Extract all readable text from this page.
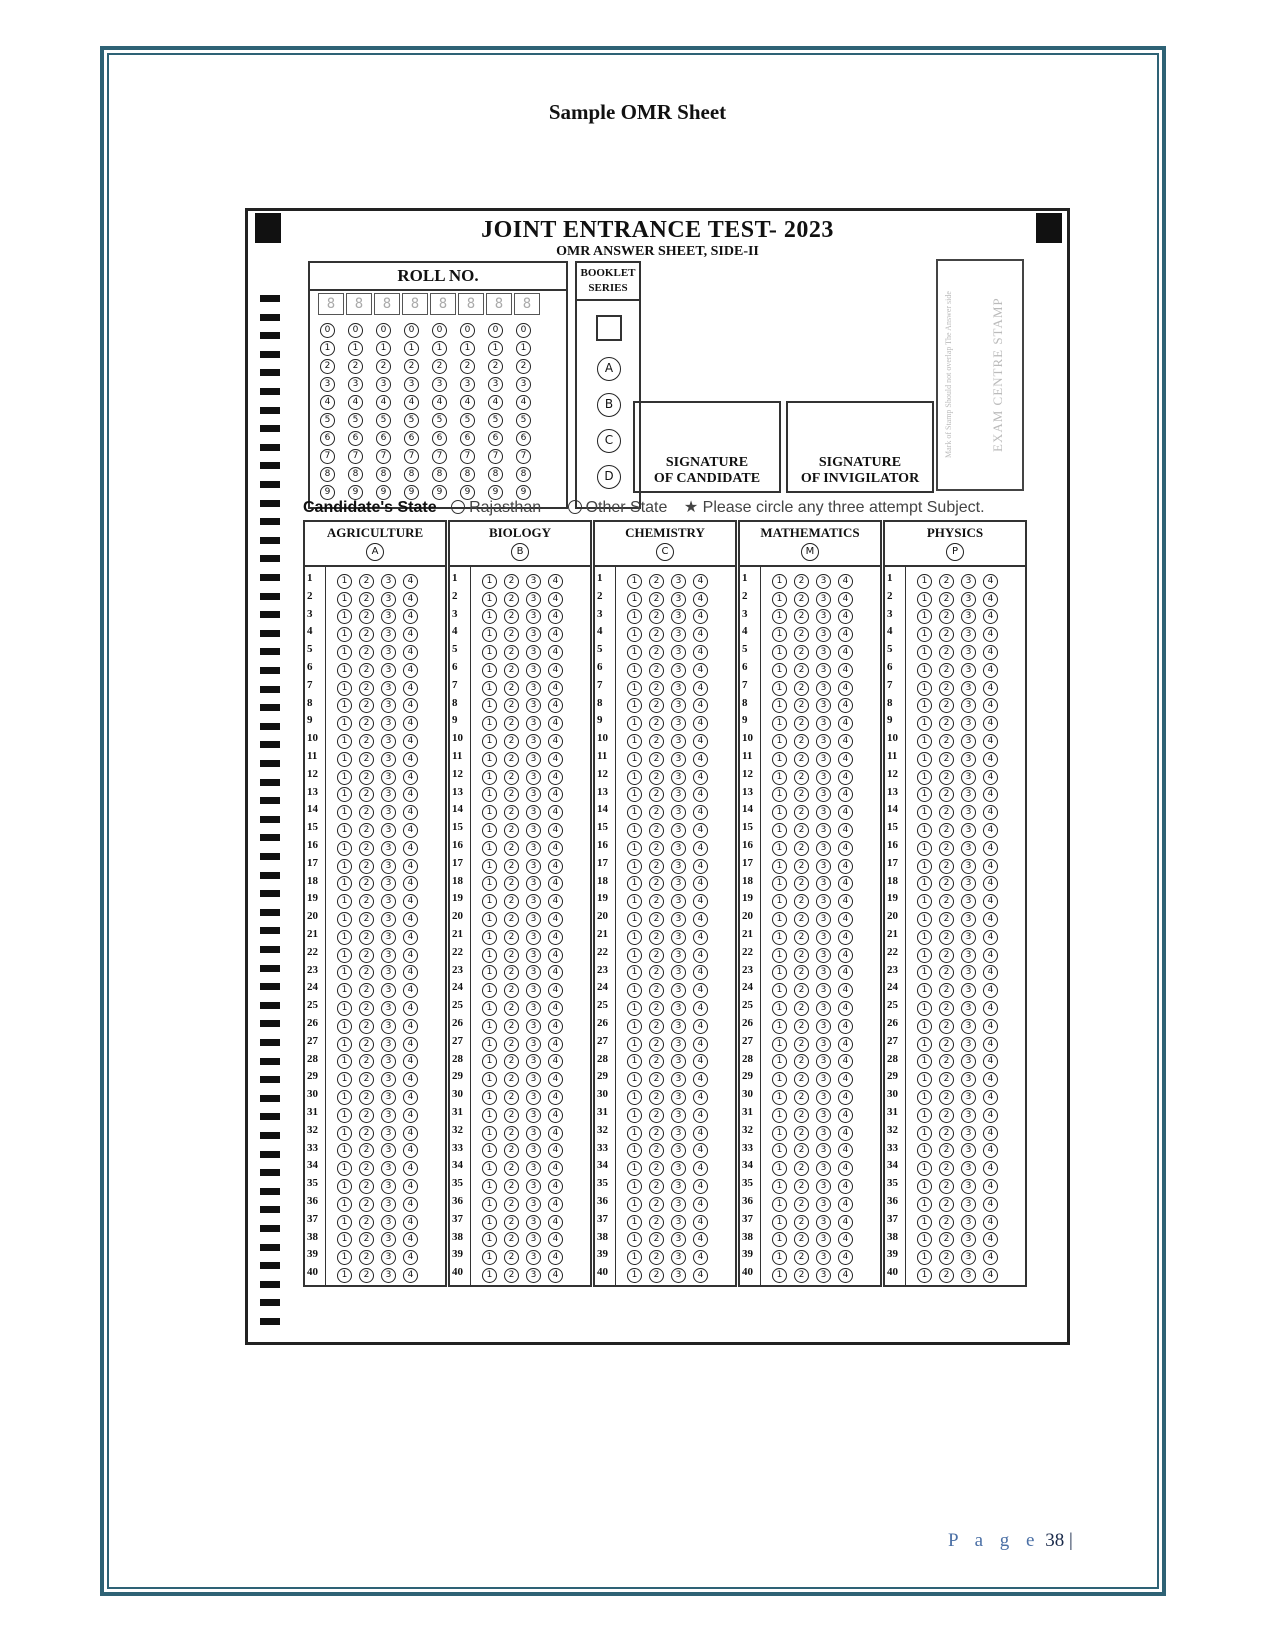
Sample OMR Sheet
JOINT ENTRANCE TEST- 2023
OMR ANSWER SHEET, SIDE-II
ROLL NO.
8	8	8	8	8	8	8	8
0 0 0 0 0 0 0 0
1 1 1 1 1 1 1 1
2 2 2 2 2 2 2 2
3 3 3 3 3 3 3 3
4 4 4 4 4 4 4 4
5 5 5 5 5 5 5 5
6 6 6 6 6 6 6 6
7 7 7 7 7 7 7 7
8 8 8 8 8 8 8 8
9 9 9 9 9 9 9 9
BOOKLET
SERIES
A
B
C
D
SIGNATURE
OF CANDIDATE
SIGNATURE
OF INVIGILATOR
Mark of Stamp Should not overlap The Answer side	EXAM CENTRE STAMP
Candidate's State Rajasthan	Other State ★ Please circle any three attempt Subject.
AGRICULTURE
A
1	1 2 3 4
2	1 2 3 4
3	1 2 3 4
4	1 2 3 4
5	1 2 3 4
6	1 2 3 4
7	1 2 3 4
8	1 2 3 4
9	1 2 3 4
10	1 2 3 4
11	1 2 3 4
12	1 2 3 4
13	1 2 3 4
14	1 2 3 4
15	1 2 3 4
16	1 2 3 4
17	1 2 3 4
18	1 2 3 4
19	1 2 3 4
20	1 2 3 4
21	1 2 3 4
22	1 2 3 4
23	1 2 3 4
24	1 2 3 4
25	1 2 3 4
26	1 2 3 4
27	1 2 3 4
28	1 2 3 4
29	1 2 3 4
30	1 2 3 4
31	1 2 3 4
32	1 2 3 4
33	1 2 3 4
34	1 2 3 4
35	1 2 3 4
36	1 2 3 4
37	1 2 3 4
38	1 2 3 4
39	1 2 3 4
40	1 2 3 4
BIOLOGY
B
1	1 2 3 4
2	1 2 3 4
3	1 2 3 4
4	1 2 3 4
5	1 2 3 4
6	1 2 3 4
7	1 2 3 4
8	1 2 3 4
9	1 2 3 4
10	1 2 3 4
11	1 2 3 4
12	1 2 3 4
13	1 2 3 4
14	1 2 3 4
15	1 2 3 4
16	1 2 3 4
17	1 2 3 4
18	1 2 3 4
19	1 2 3 4
20	1 2 3 4
21	1 2 3 4
22	1 2 3 4
23	1 2 3 4
24	1 2 3 4
25	1 2 3 4
26	1 2 3 4
27	1 2 3 4
28	1 2 3 4
29	1 2 3 4
30	1 2 3 4
31	1 2 3 4
32	1 2 3 4
33	1 2 3 4
34	1 2 3 4
35	1 2 3 4
36	1 2 3 4
37	1 2 3 4
38	1 2 3 4
39	1 2 3 4
40	1 2 3 4
CHEMISTRY
C
1	1 2 3 4
2	1 2 3 4
3	1 2 3 4
4	1 2 3 4
5	1 2 3 4
6	1 2 3 4
7	1 2 3 4
8	1 2 3 4
9	1 2 3 4
10	1 2 3 4
11	1 2 3 4
12	1 2 3 4
13	1 2 3 4
14	1 2 3 4
15	1 2 3 4
16	1 2 3 4
17	1 2 3 4
18	1 2 3 4
19	1 2 3 4
20	1 2 3 4
21	1 2 3 4
22	1 2 3 4
23	1 2 3 4
24	1 2 3 4
25	1 2 3 4
26	1 2 3 4
27	1 2 3 4
28	1 2 3 4
29	1 2 3 4
30	1 2 3 4
31	1 2 3 4
32	1 2 3 4
33	1 2 3 4
34	1 2 3 4
35	1 2 3 4
36	1 2 3 4
37	1 2 3 4
38	1 2 3 4
39	1 2 3 4
40	1 2 3 4
MATHEMATICS
M
1	1 2 3 4
2	1 2 3 4
3	1 2 3 4
4	1 2 3 4
5	1 2 3 4
6	1 2 3 4
7	1 2 3 4
8	1 2 3 4
9	1 2 3 4
10	1 2 3 4
11	1 2 3 4
12	1 2 3 4
13	1 2 3 4
14	1 2 3 4
15	1 2 3 4
16	1 2 3 4
17	1 2 3 4
18	1 2 3 4
19	1 2 3 4
20	1 2 3 4
21	1 2 3 4
22	1 2 3 4
23	1 2 3 4
24	1 2 3 4
25	1 2 3 4
26	1 2 3 4
27	1 2 3 4
28	1 2 3 4
29	1 2 3 4
30	1 2 3 4
31	1 2 3 4
32	1 2 3 4
33	1 2 3 4
34	1 2 3 4
35	1 2 3 4
36	1 2 3 4
37	1 2 3 4
38	1 2 3 4
39	1 2 3 4
40	1 2 3 4
PHYSICS
P
1	1 2 3 4
2	1 2 3 4
3	1 2 3 4
4	1 2 3 4
5	1 2 3 4
6	1 2 3 4
7	1 2 3 4
8	1 2 3 4
9	1 2 3 4
10	1 2 3 4
11	1 2 3 4
12	1 2 3 4
13	1 2 3 4
14	1 2 3 4
15	1 2 3 4
16	1 2 3 4
17	1 2 3 4
18	1 2 3 4
19	1 2 3 4
20	1 2 3 4
21	1 2 3 4
22	1 2 3 4
23	1 2 3 4
24	1 2 3 4
25	1 2 3 4
26	1 2 3 4
27	1 2 3 4
28	1 2 3 4
29	1 2 3 4
30	1 2 3 4
31	1 2 3 4
32	1 2 3 4
33	1 2 3 4
34	1 2 3 4
35	1 2 3 4
36	1 2 3 4
37	1 2 3 4
38	1 2 3 4
39	1 2 3 4
40	1 2 3 4
P a g e 38 |
